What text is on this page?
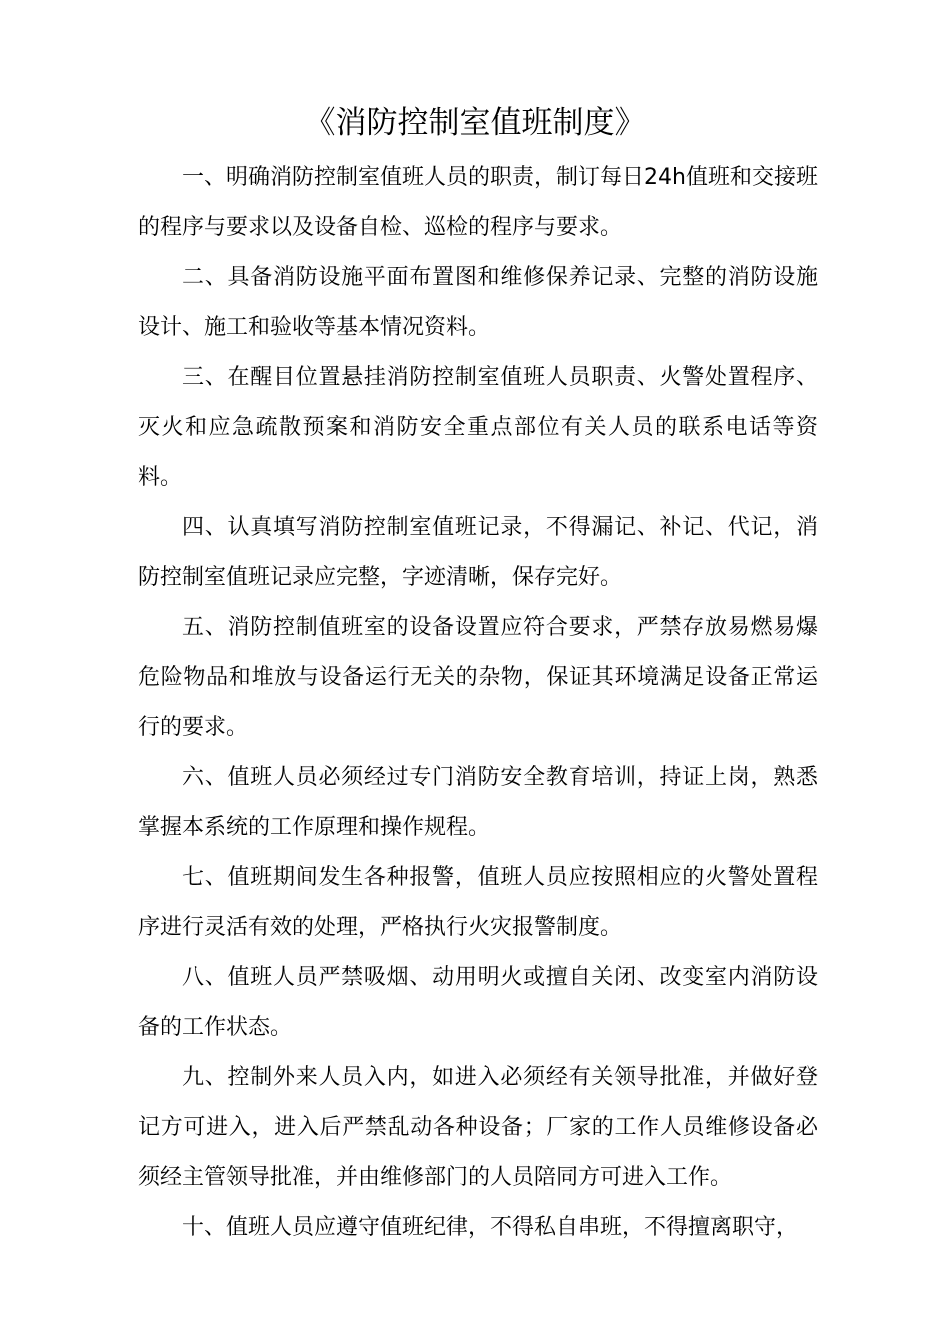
《消防控制室值班制度》

一、明确消防控制室值班人员的职责，制订每日24h值班和交接班的程序与要求以及设备自检、巡检的程序与要求。

二、具备消防设施平面布置图和维修保养记录、完整的消防设施设计、施工和验收等基本情况资料。

三、在醒目位置悬挂消防控制室值班人员职责、火警处置程序、灭火和应急疏散预案和消防安全重点部位有关人员的联系电话等资料。

四、认真填写消防控制室值班记录，不得漏记、补记、代记，消防控制室值班记录应完整，字迹清晰，保存完好。

五、消防控制值班室的设备设置应符合要求，严禁存放易燃易爆危险物品和堆放与设备运行无关的杂物，保证其环境满足设备正常运行的要求。

六、值班人员必须经过专门消防安全教育培训，持证上岗，熟悉掌握本系统的工作原理和操作规程。

七、值班期间发生各种报警，值班人员应按照相应的火警处置程序进行灵活有效的处理，严格执行火灾报警制度。

八、值班人员严禁吸烟、动用明火或擅自关闭、改变室内消防设备的工作状态。

九、控制外来人员入内，如进入必须经有关领导批准，并做好登记方可进入，进入后严禁乱动各种设备；厂家的工作人员维修设备必须经主管领导批准，并由维修部门的人员陪同方可进入工作。

十、值班人员应遵守值班纪律，不得私自串班，不得擅离职守，
